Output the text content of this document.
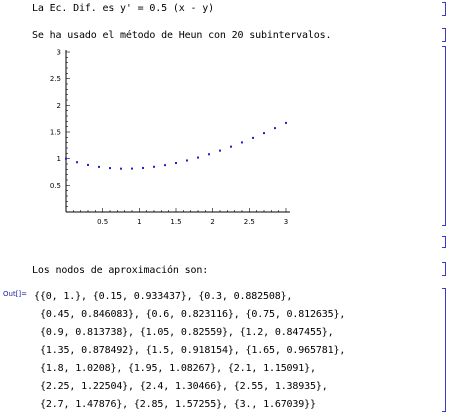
La Ec. Dif. es y' = 0.5 (x - y)
Se ha usado el método de Heun con 20 subintervalos.
0.5	1	1.5	2	2.5	3
0.5
1
1.5
2
2.5
3
Los nodos de aproximación son:
Out[]= {{0, 1.}, {0.15, 0.933437}, {0.3, 0.882508},
{0.45, 0.846083}, {0.6, 0.823116}, {0.75, 0.812635},
{0.9, 0.813738}, {1.05, 0.82559}, {1.2, 0.847455},
{1.35, 0.878492}, {1.5, 0.918154}, {1.65, 0.965781},
{1.8, 1.0208}, {1.95, 1.08267}, {2.1, 1.15091},
{2.25, 1.22504}, {2.4, 1.30466}, {2.55, 1.38935},
{2.7, 1.47876}, {2.85, 1.57255}, {3., 1.67039}}
